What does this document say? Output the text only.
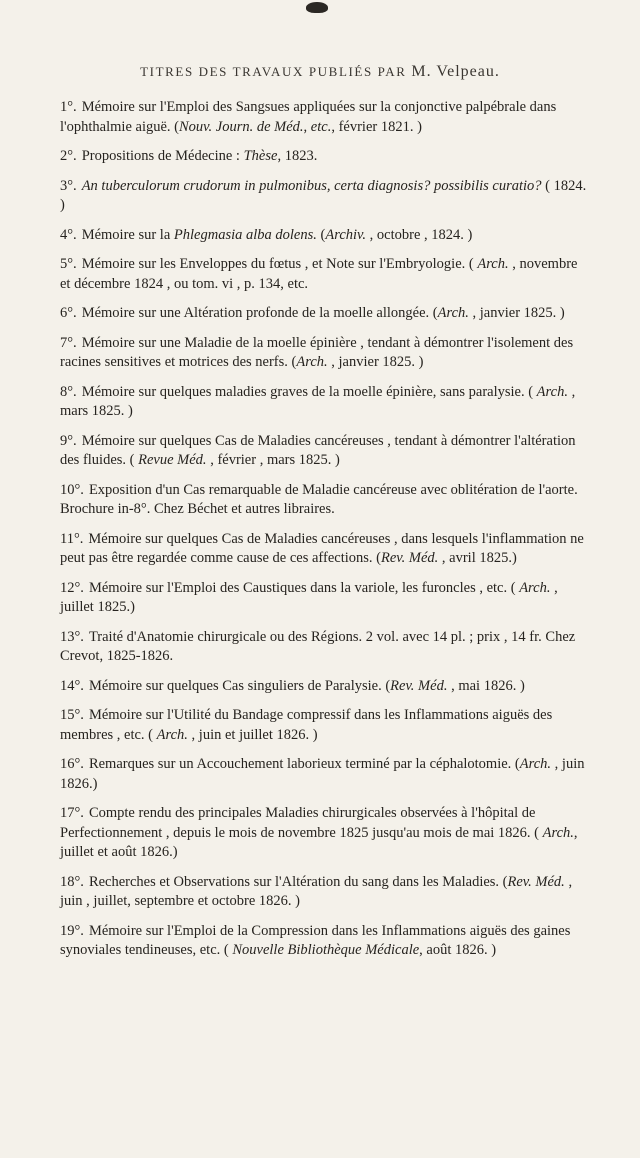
TITRES DES TRAVAUX PUBLIÉS PAR M. Velpeau.
1°. Mémoire sur l'Emploi des Sangsues appliquées sur la conjonctive palpébrale dans l'ophthalmie aiguë. (Nouv. Journ. de Méd., etc., février 1821. )
2°. Propositions de Médecine : Thèse, 1823.
3°. An tuberculorum crudorum in pulmonibus, certa diagnosis? possibilis curatio? ( 1824. )
4°. Mémoire sur la Phlegmasia alba dolens. (Archiv. , octobre , 1824. )
5°. Mémoire sur les Enveloppes du fœtus , et Note sur l'Embryologie. ( Arch. , novembre et décembre 1824 , ou tom. vi , p. 134, etc.
6°. Mémoire sur une Altération profonde de la moelle allongée. (Arch. , janvier 1825. )
7°. Mémoire sur une Maladie de la moelle épinière , tendant à démontrer l'isolement des racines sensitives et motrices des nerfs. (Arch. , janvier 1825. )
8°. Mémoire sur quelques maladies graves de la moelle épinière, sans paralysie. ( Arch. , mars 1825. )
9°. Mémoire sur quelques Cas de Maladies cancéreuses , tendant à démontrer l'altération des fluides. ( Revue Méd. , février , mars 1825. )
10°. Exposition d'un Cas remarquable de Maladie cancéreuse avec oblitération de l'aorte. Brochure in-8°. Chez Béchet et autres libraires.
11°. Mémoire sur quelques Cas de Maladies cancéreuses , dans lesquels l'inflammation ne peut pas être regardée comme cause de ces affections. (Rev. Méd. , avril 1825.)
12°. Mémoire sur l'Emploi des Caustiques dans la variole, les furoncles , etc. ( Arch. , juillet 1825.)
13°. Traité d'Anatomie chirurgicale ou des Régions. 2 vol. avec 14 pl. ; prix , 14 fr. Chez Crevot, 1825-1826.
14°. Mémoire sur quelques Cas singuliers de Paralysie. (Rev. Méd. , mai 1826. )
15°. Mémoire sur l'Utilité du Bandage compressif dans les Inflammations aiguës des membres , etc. ( Arch. , juin et juillet 1826. )
16°. Remarques sur un Accouchement laborieux terminé par la céphalotomie. (Arch. , juin 1826.)
17°. Compte rendu des principales Maladies chirurgicales observées à l'hôpital de Perfectionnement , depuis le mois de novembre 1825 jusqu'au mois de mai 1826. ( Arch., juillet et août 1826.)
18°. Recherches et Observations sur l'Altération du sang dans les Maladies. (Rev. Méd. , juin , juillet, septembre et octobre 1826. )
19°. Mémoire sur l'Emploi de la Compression dans les Inflammations aiguës des gaines synoviales tendineuses, etc. ( Nouvelle Bibliothèque Médicale, août 1826. )
